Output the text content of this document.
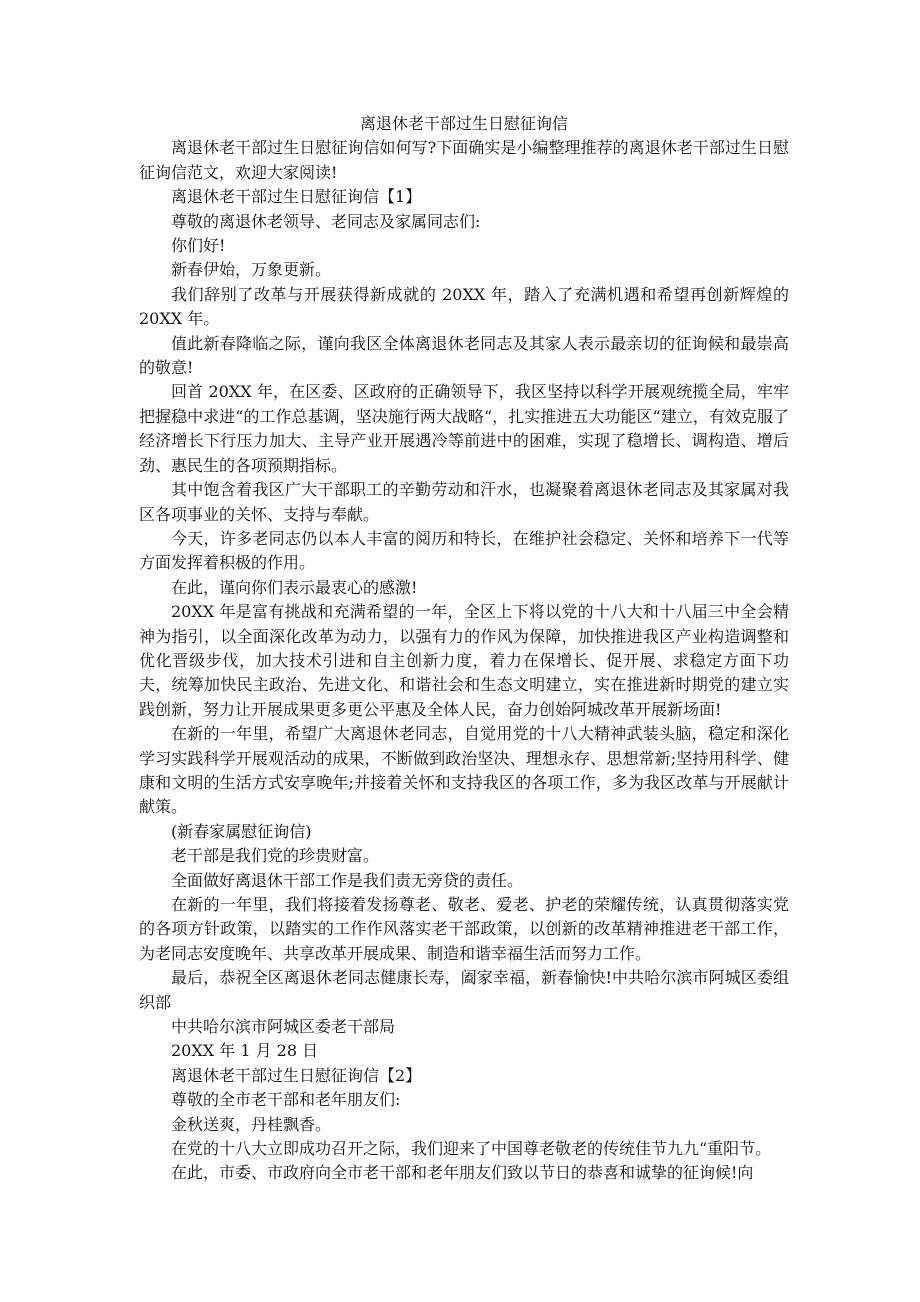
离退休老干部过生日慰征询信

离退休老干部过生日慰征询信如何写?下面确实是小编整理推荐的离退休老干部过生日慰征询信范文，欢迎大家阅读!

离退休老干部过生日慰征询信【1】

尊敬的离退休老领导、老同志及家属同志们:

你们好!

新春伊始，万象更新。

我们辞别了改革与开展获得新成就的 20XX 年，踏入了充满机遇和希望再创新辉煌的 20XX 年。

值此新春降临之际，谨向我区全体离退休老同志及其家人表示最亲切的征询候和最崇高的敬意!

回首 20XX 年，在区委、区政府的正确领导下，我区坚持以科学开展观统揽全局，牢牢把握稳中求进“的工作总基调，坚决施行两大战略“，扎实推进五大功能区“建立，有效克服了经济增长下行压力加大、主导产业开展遇冷等前进中的困难，实现了稳增长、调构造、增后劲、惠民生的各项预期指标。

其中饱含着我区广大干部职工的辛勤劳动和汗水，也凝聚着离退休老同志及其家属对我区各项事业的关怀、支持与奉献。

今天，许多老同志仍以本人丰富的阅历和特长，在维护社会稳定、关怀和培养下一代等方面发挥着积极的作用。

在此，谨向你们表示最衷心的感激!

20XX 年是富有挑战和充满希望的一年，全区上下将以党的十八大和十八届三中全会精神为指引，以全面深化改革为动力，以强有力的作风为保障，加快推进我区产业构造调整和优化晋级步伐，加大技术引进和自主创新力度，着力在保增长、促开展、求稳定方面下功夫，统筹加快民主政治、先进文化、和谐社会和生态文明建立，实在推进新时期党的建立实践创新，努力让开展成果更多更公平惠及全体人民，奋力创始阿城改革开展新场面!

在新的一年里，希望广大离退休老同志，自觉用党的十八大精神武装头脑，稳定和深化学习实践科学开展观活动的成果，不断做到政治坚决、理想永存、思想常新;坚持用科学、健康和文明的生活方式安享晚年;并接着关怀和支持我区的各项工作，多为我区改革与开展献计献策。

(新春家属慰征询信)

老干部是我们党的珍贵财富。

全面做好离退休干部工作是我们责无旁贷的责任。

在新的一年里，我们将接着发扬尊老、敬老、爱老、护老的荣耀传统，认真贯彻落实党的各项方针政策，以踏实的工作作风落实老干部政策，以创新的改革精神推进老干部工作，为老同志安度晚年、共享改革开展成果、制造和谐幸福生活而努力工作。

最后，恭祝全区离退休老同志健康长寿，阖家幸福，新春愉快!中共哈尔滨市阿城区委组织部

中共哈尔滨市阿城区委老干部局

20XX 年 1 月 28 日

离退休老干部过生日慰征询信【2】

尊敬的全市老干部和老年朋友们:

金秋送爽，丹桂飘香。

在党的十八大立即成功召开之际，我们迎来了中国尊老敬老的传统佳节九九“重阳节。

在此，市委、市政府向全市老干部和老年朋友们致以节日的恭喜和诚挚的征询候!向
